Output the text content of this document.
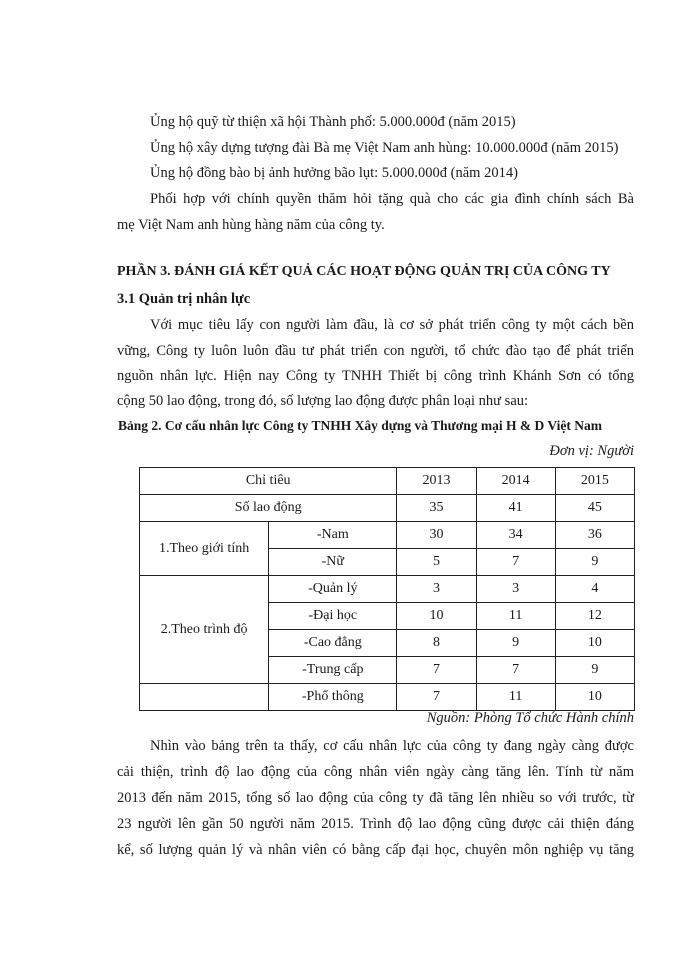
Ủng hộ quỹ từ thiện xã hội Thành phố: 5.000.000đ (năm 2015)
Ủng hộ xây dựng tượng đài Bà mẹ Việt Nam anh hùng: 10.000.000đ (năm 2015)
Ủng hộ đồng bào bị ảnh hưởng bão lụt: 5.000.000đ (năm 2014)
Phối hợp với chính quyền thăm hỏi tặng quà cho các gia đình chính sách Bà
mẹ Việt Nam anh hùng hàng năm của công ty.
PHẦN 3. ĐÁNH GIÁ KẾT QUẢ CÁC HOẠT ĐỘNG QUẢN TRỊ CỦA CÔNG TY
3.1 Quản trị nhân lực
Với mục tiêu lấy con người làm đầu, là cơ sở phát triển công ty một cách bền
vững, Công ty luôn luôn đầu tư phát triển con người, tổ chức đào tạo để phát triển
nguồn nhân lực. Hiện nay Công ty TNHH Thiết bị công trình Khánh Sơn có tổng
cộng 50 lao động, trong đó, số lượng lao động được phân loại như sau:
Bảng 2. Cơ cấu nhân lực Công ty TNHH Xây dựng và Thương mại H & D Việt Nam
Đơn vị: Người
Chỉ tiêu		2013	2014	2015
Số lao động		35	41	45
1.Theo giới tính	-Nam	30	34	36
	-Nữ	5	7	9
2.Theo trình độ	-Quản lý	3	3	4
	-Đại học	10	11	12
	-Cao đẳng	8	9	10
	-Trung cấp	7	7	9
	-Phổ thông	7	11	10
Nguồn: Phòng Tổ chức Hành chính
Nhìn vào bảng trên ta thấy, cơ cấu nhân lực của công ty đang ngày càng được
cải thiện, trình độ lao động của công nhân viên ngày càng tăng lên. Tính từ năm
2013 đến năm 2015, tổng số lao động của công ty đã tăng lên nhiều so với trước, từ
23 người lên gần 50 người năm 2015. Trình độ lao động cũng được cải thiện đáng
kể, số lượng quản lý và nhân viên có bằng cấp đại học, chuyên môn nghiệp vụ tăng
